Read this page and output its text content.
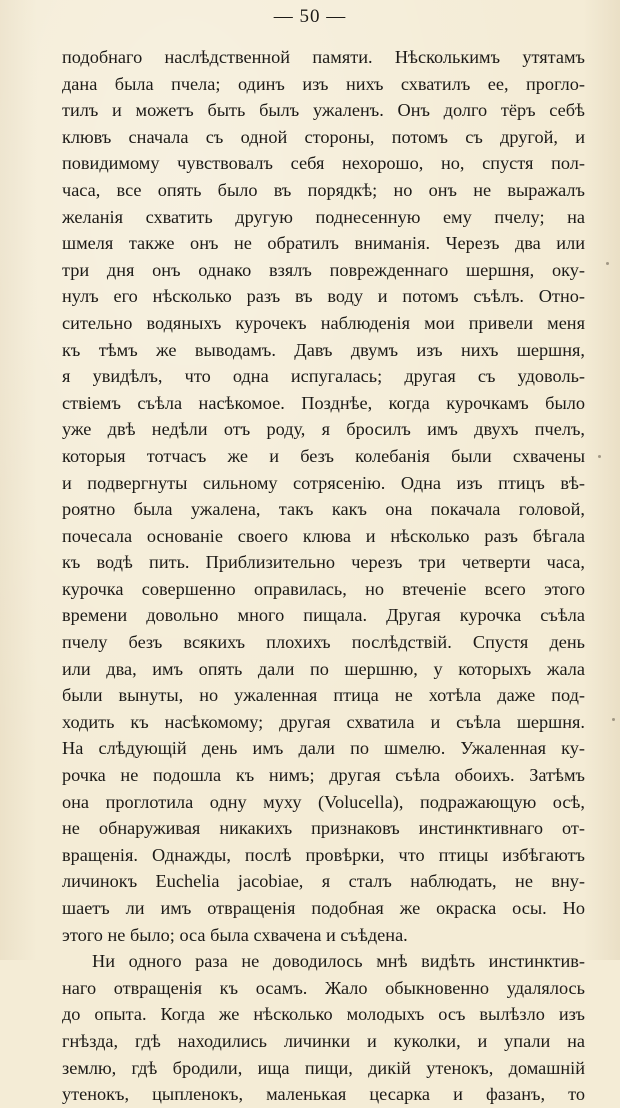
— 50 —
подобнаго наслѣдственной памяти. Нѣсколькимъ утятамъ
дана была пчела; одинъ изъ нихъ схватилъ ее, прогло-
тилъ и можетъ быть былъ ужаленъ. Онъ долго тёръ себѣ
клювъ сначала съ одной стороны, потомъ съ другой, и
повидимому чувствовалъ себя нехорошо, но, спустя пол-
часа, все опять было въ порядкѣ; но онъ не выражалъ
желанія схватить другую поднесенную ему пчелу; на
шмеля также онъ не обратилъ вниманія. Черезъ два или
три дня онъ однако взялъ поврежденнаго шершня, оку-
нулъ его нѣсколько разъ въ воду и потомъ съѣлъ. Отно-
сительно водяныхъ курочекъ наблюденія мои привели меня
къ тѣмъ же выводамъ. Давъ двумъ изъ нихъ шершня,
я увидѣлъ, что одна испугалась; другая съ удоволь-
ствіемъ съѣла насѣкомое. Позднѣе, когда курочкамъ было
уже двѣ недѣли отъ роду, я бросилъ имъ двухъ пчелъ,
которыя тотчасъ же и безъ колебанія были схвачены
и подвергнуты сильному сотрясенію. Одна изъ птицъ вѣ-
роятно была ужалена, такъ какъ она покачала головой,
почесала основаніе своего клюва и нѣсколько разъ бѣгала
къ водѣ пить. Приблизительно черезъ три четверти часа,
курочка совершенно оправилась, но втеченіе всего этого
времени довольно много пищала. Другая курочка съѣла
пчелу безъ всякихъ плохихъ послѣдствій. Спустя день
или два, имъ опять дали по шершню, у которыхъ жала
были вынуты, но ужаленная птица не хотѣла даже под-
ходить къ насѣкомому; другая схватила и съѣла шершня.
На слѣдующій день имъ дали по шмелю. Ужаленная ку-
рочка не подошла къ нимъ; другая съѣла обоихъ. Затѣмъ
она проглотила одну муху (Volucella), подражающую осѣ,
не обнаруживая никакихъ признаковъ инстинктивнаго от-
вращенія. Однажды, послѣ провѣрки, что птицы избѣгаютъ
личинокъ Euchelia jacobiae, я сталъ наблюдать, не вну-
шаетъ ли имъ отвращенія подобная же окраска осы. Но
этого не было; оса была схвачена и съѣдена.
Ни одного раза не доводилось мнѣ видѣть инстинктив-
наго отвращенія къ осамъ. Жало обыкновенно удалялось
до опыта. Когда же нѣсколько молодыхъ осъ вылѣзло изъ
гнѣзда, гдѣ находились личинки и куколки, и упали на
землю, гдѣ бродили, ища пищи, дикій утенокъ, домашній
утенокъ, цыпленокъ, маленькая цесарка и фазанъ, то
